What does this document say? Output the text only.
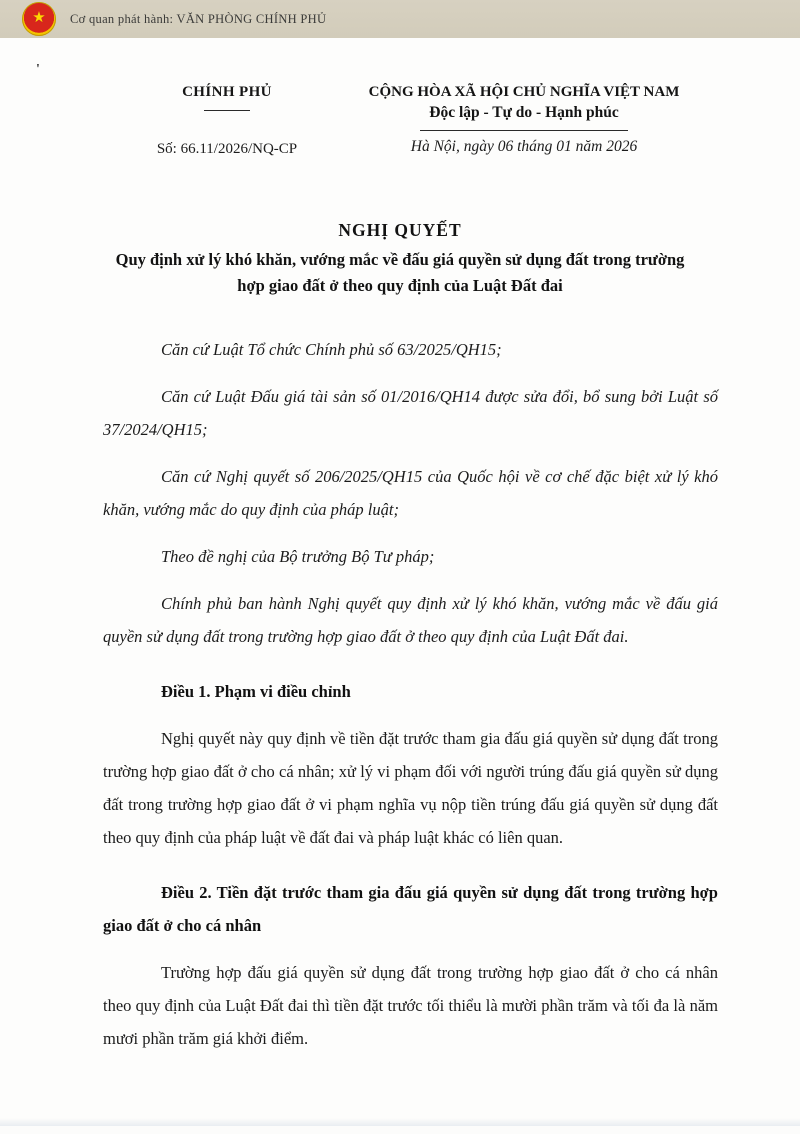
★ Cơ quan phát hành: VĂN PHÒNG CHÍNH PHỦ
'
CHÍNH PHỦ
Số: 66.11/2026/NQ-CP
CỘNG HÒA XÃ HỘI CHỦ NGHĨA VIỆT NAM
Độc lập - Tự do - Hạnh phúc
Hà Nội, ngày 06 tháng 01 năm 2026
NGHỊ QUYẾT
Quy định xử lý khó khăn, vướng mắc về đấu giá quyền sử dụng đất trong trường hợp giao đất ở theo quy định của Luật Đất đai

Căn cứ Luật Tổ chức Chính phủ số 63/2025/QH15;

Căn cứ Luật Đấu giá tài sản số 01/2016/QH14 được sửa đổi, bổ sung bởi Luật số 37/2024/QH15;

Căn cứ Nghị quyết số 206/2025/QH15 của Quốc hội về cơ chế đặc biệt xử lý khó khăn, vướng mắc do quy định của pháp luật;

Theo đề nghị của Bộ trưởng Bộ Tư pháp;

Chính phủ ban hành Nghị quyết quy định xử lý khó khăn, vướng mắc về đấu giá quyền sử dụng đất trong trường hợp giao đất ở theo quy định của Luật Đất đai.

Điều 1. Phạm vi điều chỉnh

Nghị quyết này quy định về tiền đặt trước tham gia đấu giá quyền sử dụng đất trong trường hợp giao đất ở cho cá nhân; xử lý vi phạm đối với người trúng đấu giá quyền sử dụng đất trong trường hợp giao đất ở vi phạm nghĩa vụ nộp tiền trúng đấu giá quyền sử dụng đất theo quy định của pháp luật về đất đai và pháp luật khác có liên quan.

Điều 2. Tiền đặt trước tham gia đấu giá quyền sử dụng đất trong trường hợp giao đất ở cho cá nhân

Trường hợp đấu giá quyền sử dụng đất trong trường hợp giao đất ở cho cá nhân theo quy định của Luật Đất đai thì tiền đặt trước tối thiểu là mười phần trăm và tối đa là năm mươi phần trăm giá khởi điểm.
